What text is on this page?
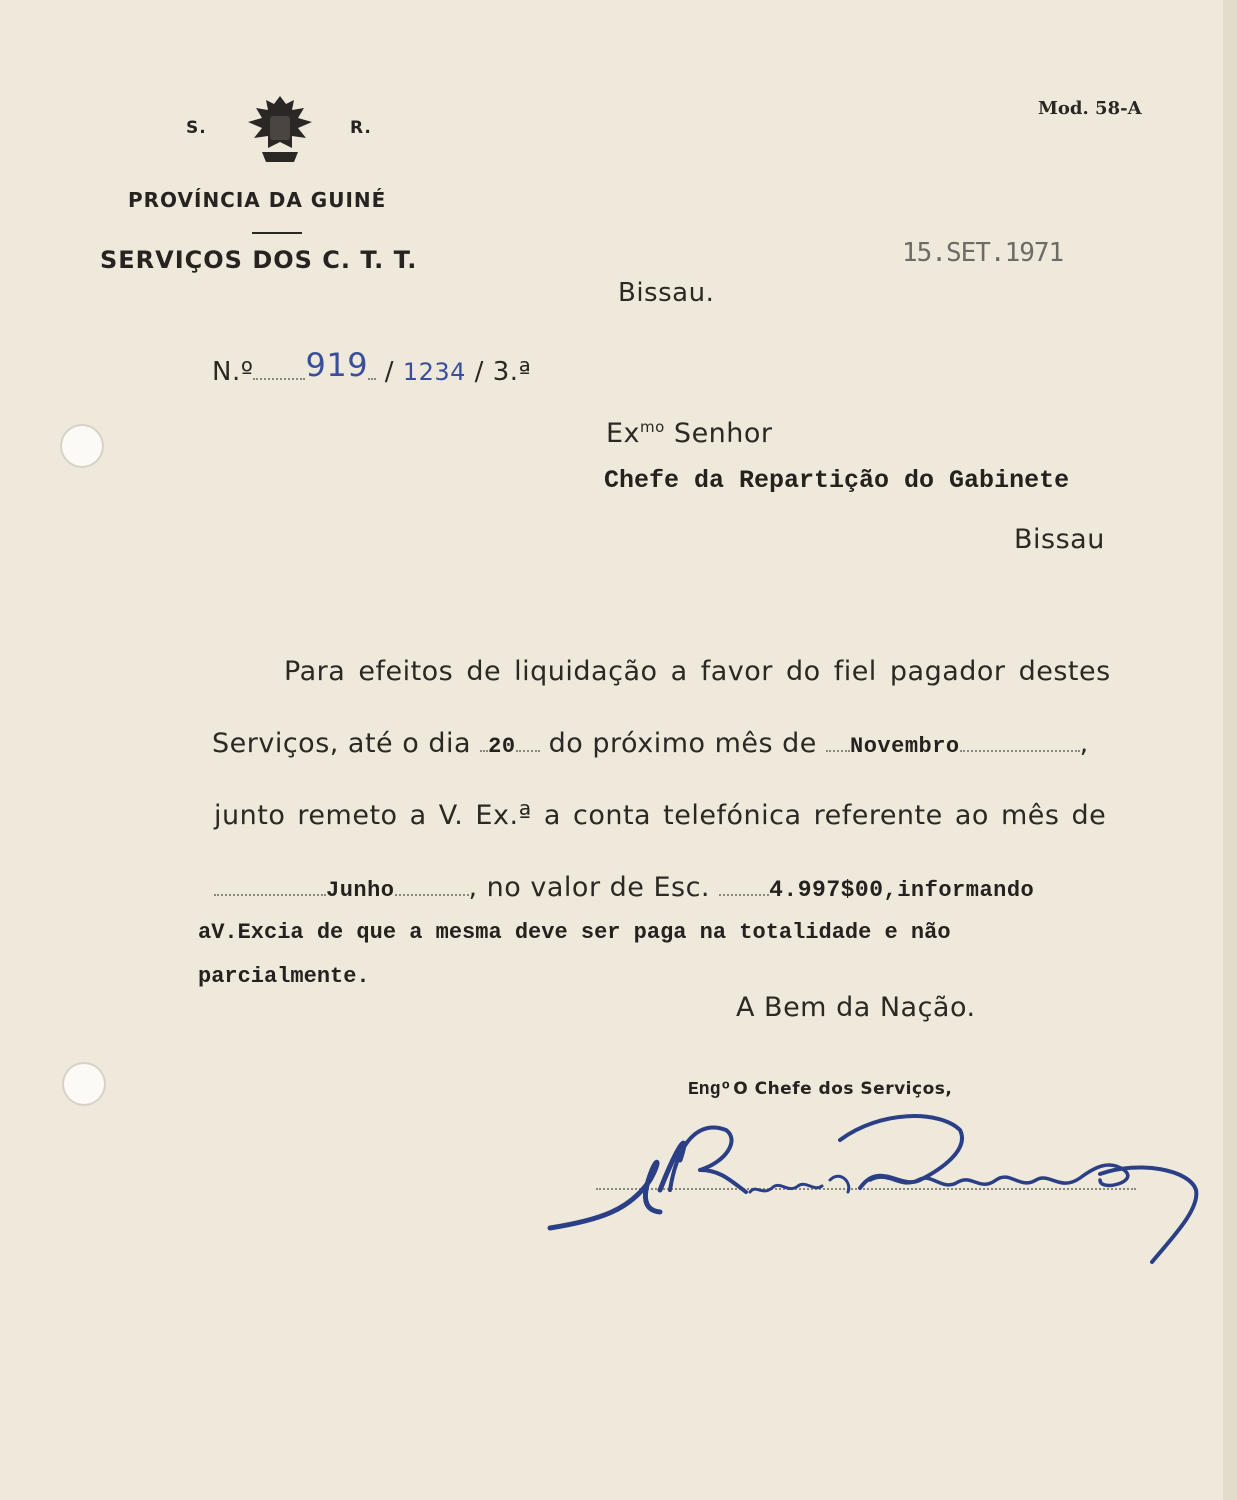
S.	R.
PROVÍNCIA DA GUINÉ
SERVIÇOS DOS C. T. T.
Mod. 58-A
15.SET.1971
Bissau.
N.º 919 / 1234 / 3.ª
$Ex^{mo}$ Senhor
Chefe da Repartição do Gabinete
Bissau
Para efeitos de liquidação a favor do fiel pagador destes
Serviços, até o dia 20 do próximo mês de Novembro	,
junto remeto a V. Ex.ª a conta telefónica referente ao mês de
Junho	, no valor de Esc.	4.997$00,informando
aV.Excia de que a mesma deve ser paga na totalidade e não
parcialmente.
A Bem da Nação.
Engº O Chefe dos Serviços,
